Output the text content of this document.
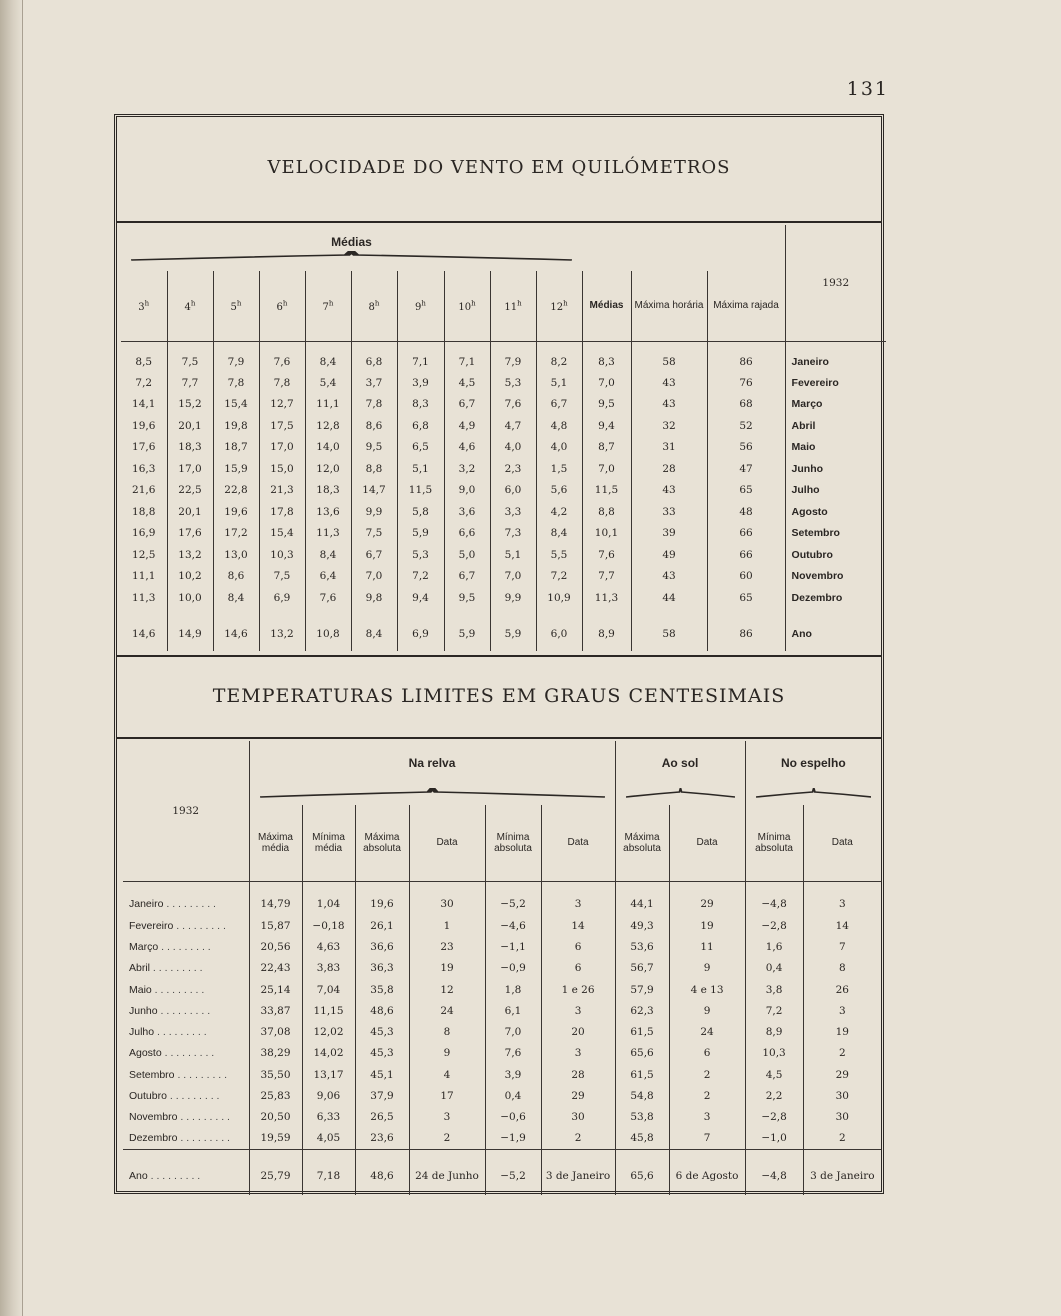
131
VELOCIDADE DO VENTO EM QUILÓMETROS
Médias													1932
3$^h$	4$^h$	5$^h$	6$^h$	7$^h$	8$^h$	9$^h$	10$^h$	11$^h$	12$^h$	Médias	Máxima horária	Máxima rajada	
8,5	7,5	7,9	7,6	8,4	6,8	7,1	7,1	7,9	8,2	8,3	58	86	Janeiro
7,2	7,7	7,8	7,8	5,4	3,7	3,9	4,5	5,3	5,1	7,0	43	76	Fevereiro
14,1	15,2	15,4	12,7	11,1	7,8	8,3	6,7	7,6	6,7	9,5	43	68	Março
19,6	20,1	19,8	17,5	12,8	8,6	6,8	4,9	4,7	4,8	9,4	32	52	Abril
17,6	18,3	18,7	17,0	14,0	9,5	6,5	4,6	4,0	4,0	8,7	31	56	Maio
16,3	17,0	15,9	15,0	12,0	8,8	5,1	3,2	2,3	1,5	7,0	28	47	Junho
21,6	22,5	22,8	21,3	18,3	14,7	11,5	9,0	6,0	5,6	11,5	43	65	Julho
18,8	20,1	19,6	17,8	13,6	9,9	5,8	3,6	3,3	4,2	8,8	33	48	Agosto
16,9	17,6	17,2	15,4	11,3	7,5	5,9	6,6	7,3	8,4	10,1	39	66	Setembro
12,5	13,2	13,0	10,3	8,4	6,7	5,3	5,0	5,1	5,5	7,6	49	66	Outubro
11,1	10,2	8,6	7,5	6,4	7,0	7,2	6,7	7,0	7,2	7,7	43	60	Novembro
11,3	10,0	8,4	6,9	7,6	9,8	9,4	9,5	9,9	10,9	11,3	44	65	Dezembro
14,6	14,9	14,6	13,2	10,8	8,4	6,9	5,9	5,9	6,0	8,9	58	86	Ano
TEMPERATURAS LIMITES EM GRAUS CENTESIMAIS
1932	Na relva						Ao sol		No espelho	

	Máxima média	Mínima média	Máxima absoluta	Data	Mínima absoluta	Data	Máxima absoluta	Data	Mínima absoluta	Data
Janeiro . . .	14,79	1,04	19,6	30	−5,2	3	44,1	29	−4,8	3
Fevereiro . . .	15,87	−0,18	26,1	1	−4,6	14	49,3	19	−2,8	14
Março . . .	20,56	4,63	36,6	23	−1,1	6	53,6	11	1,6	7
Abril . . .	22,43	3,83	36,3	19	−0,9	6	56,7	9	0,4	8
Maio . . .	25,14	7,04	35,8	12	1,8	1 e 26	57,9	4 e 13	3,8	26
Junho . . .	33,87	11,15	48,6	24	6,1	3	62,3	9	7,2	3
Julho . . .	37,08	12,02	45,3	8	7,0	20	61,5	24	8,9	19
Agosto . . .	38,29	14,02	45,3	9	7,6	3	65,6	6	10,3	2
Setembro . . .	35,50	13,17	45,1	4	3,9	28	61,5	2	4,5	29
Outubro . . .	25,83	9,06	37,9	17	0,4	29	54,8	2	2,2	30
Novembro . . .	20,50	6,33	26,5	3	−0,6	30	53,8	3	−2,8	30
Dezembro . . .	19,59	4,05	23,6	2	−1,9	2	45,8	7	−1,0	2
Ano . . .	25,79	7,18	48,6	24 de Junho	−5,2	3 de Janeiro	65,6	6 de Agosto	−4,8	3 de Janeiro
